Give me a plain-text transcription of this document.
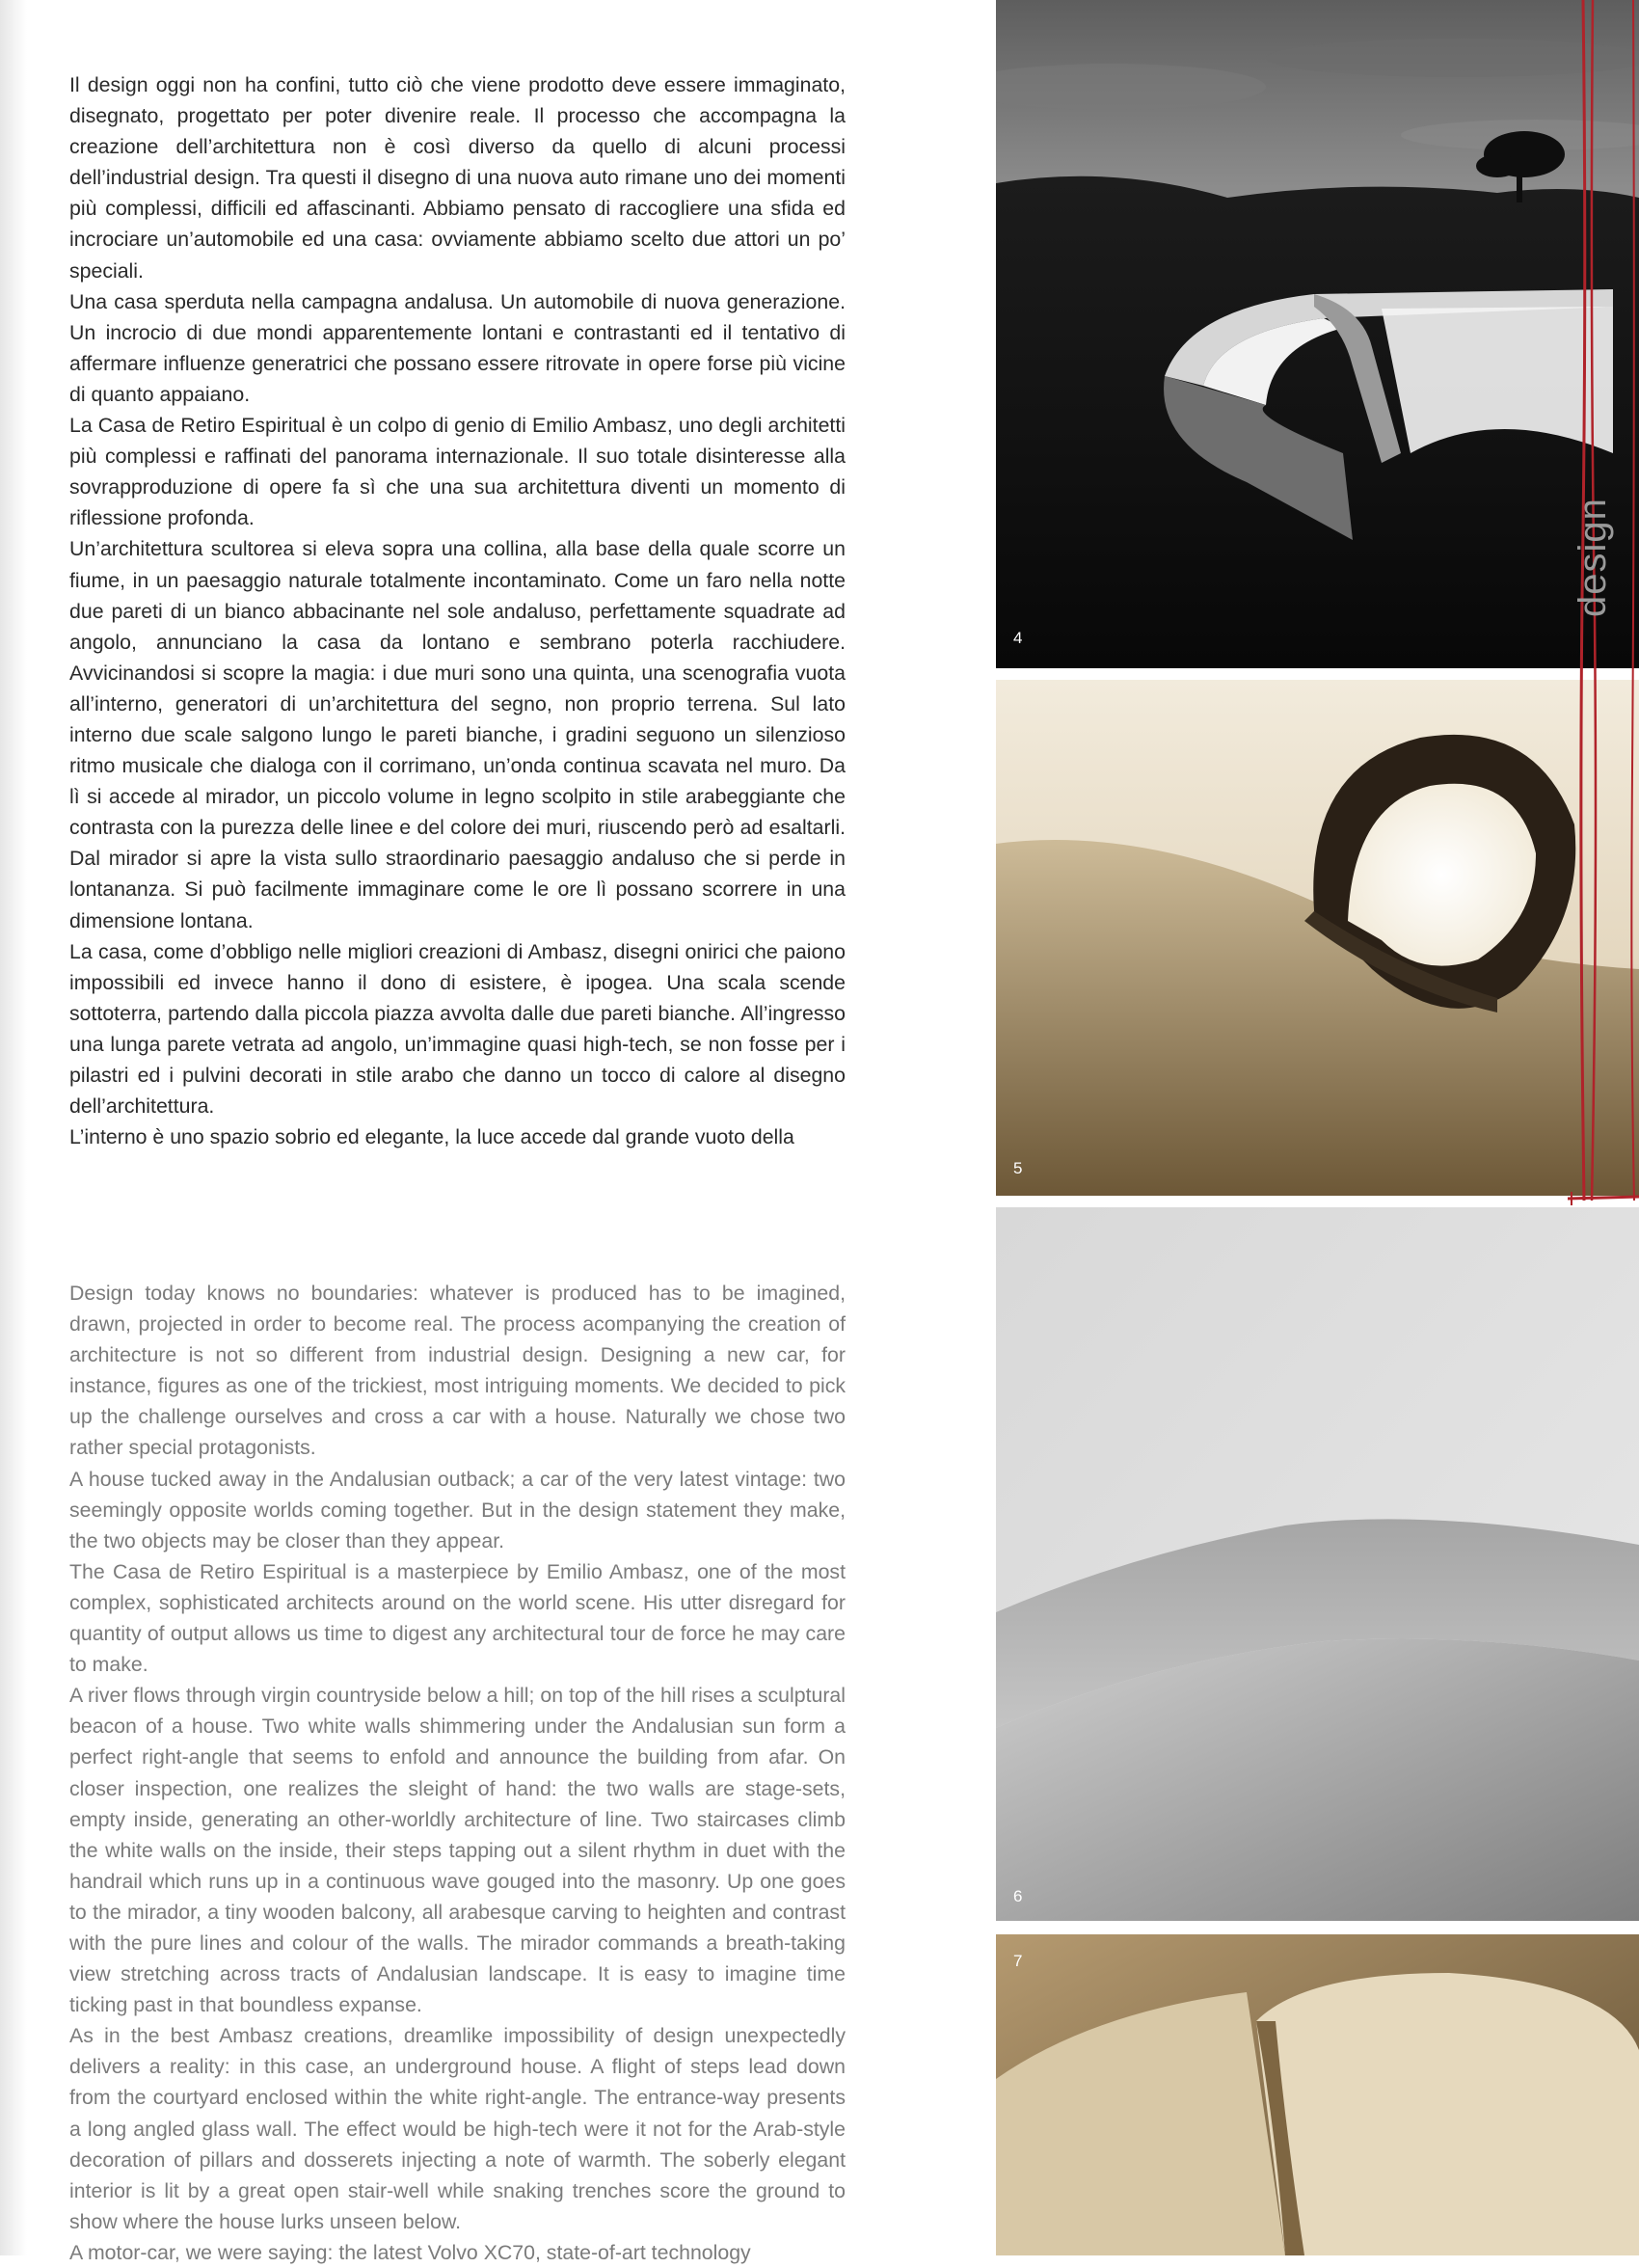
Il design oggi non ha confini, tutto ciò che viene prodotto deve essere immaginato, disegnato, progettato per poter divenire reale. Il processo che accompagna la creazione dell’architettura non è così diverso da quello di alcuni processi dell’industrial design. Tra questi il disegno di una nuova auto rimane uno dei momenti più complessi, difficili ed affascinanti. Abbiamo pensato di raccogliere una sfida ed incrociare un’automobile ed una casa: ovviamente abbiamo scelto due attori un po’ speciali.

Una casa sperduta nella campagna andalusa. Un automobile di nuova generazione. Un incrocio di due mondi apparentemente lontani e contrastanti ed il tentativo di affermare influenze generatrici che possano essere ritrovate in opere forse più vicine di quanto appaiano.

La Casa de Retiro Espiritual è un colpo di genio di Emilio Ambasz, uno degli architetti più complessi e raffinati del panorama internazionale. Il suo totale disinteresse alla sovrapproduzione di opere fa sì che una sua architettura diventi un momento di riflessione profonda.

Un’architettura scultorea si eleva sopra una collina, alla base della quale scorre un fiume, in un paesaggio naturale totalmente incontaminato. Come un faro nella notte due pareti di un bianco abbacinante nel sole andaluso, perfettamente squadrate ad angolo, annunciano la casa da lontano e sembrano poterla racchiudere. Avvicinandosi si scopre la magia: i due muri sono una quinta, una scenografia vuota all’interno, generatori di un’architettura del segno, non proprio terrena. Sul lato interno due scale salgono lungo le pareti bianche, i gradini seguono un silenzioso ritmo musicale che dialoga con il corrimano, un’onda continua scavata nel muro. Da lì si accede al mirador, un piccolo volume in legno scolpito in stile arabeggiante che contrasta con la purezza delle linee e del colore dei muri, riuscendo però ad esaltarli. Dal mirador si apre la vista sullo straordinario paesaggio andaluso che si perde in lontananza. Si può facilmente immaginare come le ore lì possano scorrere in una dimensione lontana.

La casa, come d’obbligo nelle migliori creazioni di Ambasz, disegni onirici che paiono impossibili ed invece hanno il dono di esistere, è ipogea. Una scala scende sottoterra, partendo dalla piccola piazza avvolta dalle due pareti bianche. All’ingresso una lunga parete vetrata ad angolo, un’immagine quasi high-tech, se non fosse per i pilastri ed i pulvini decorati in stile arabo che danno un tocco di calore al disegno dell’architettura.

L’interno è uno spazio sobrio ed elegante, la luce accede dal grande vuoto della

Design today knows no boundaries: whatever is produced has to be imagined, drawn, projected in order to become real. The process acompanying the creation of architecture is not so different from industrial design. Designing a new car, for instance, figures as one of the trickiest, most intriguing moments. We decided to pick up the challenge ourselves and cross a car with a house. Naturally we chose two rather special protagonists.

A house tucked away in the Andalusian outback; a car of the very latest vintage: two seemingly opposite worlds coming together. But in the design statement they make, the two objects may be closer than they appear.

The Casa de Retiro Espiritual is a masterpiece by Emilio Ambasz, one of the most complex, sophisticated architects around on the world scene. His utter disregard for quantity of output allows us time to digest any architectural tour de force he may care to make.

A river flows through virgin countryside below a hill; on top of the hill rises a sculptural beacon of a house. Two white walls shimmering under the Andalusian sun form a perfect right-angle that seems to enfold and announce the building from afar. On closer inspection, one realizes the sleight of hand: the two walls are stage-sets, empty inside, generating an other-worldly architecture of line. Two staircases climb the white walls on the inside, their steps tapping out a silent rhythm in duet with the handrail which runs up in a continuous wave gouged into the masonry. Up one goes to the mirador, a tiny wooden balcony, all arabesque carving to heighten and contrast with the pure lines and colour of the walls. The mirador commands a breath-taking view stretching across tracts of Andalusian landscape. It is easy to imagine time ticking past in that boundless expanse.

As in the best Ambasz creations, dreamlike impossibility of design unexpectedly delivers a reality: in this case, an underground house. A flight of steps lead down from the courtyard enclosed within the white right-angle. The entrance-way presents a long angled glass wall. The effect would be high-tech were it not for the Arab-style decoration of pillars and dosserets injecting a note of warmth. The soberly elegant interior is lit by a great open stair-well while snaking trenches score the ground to show where the house lurks unseen below.

A motor-car, we were saying: the latest Volvo XC70, state-of-art technology

4
5
6
7
design
